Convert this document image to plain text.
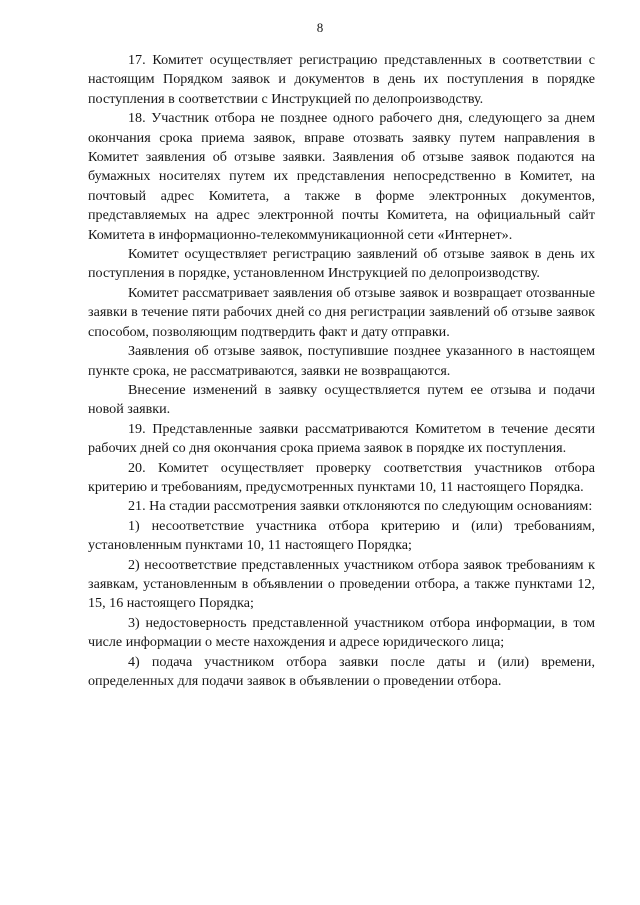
8

17. Комитет осуществляет регистрацию представленных в соответствии с настоящим Порядком заявок и документов в день их поступления в порядке поступления в соответствии с Инструкцией по делопроизводству.

18. Участник отбора не позднее одного рабочего дня, следующего за днем окончания срока приема заявок, вправе отозвать заявку путем направления в Комитет заявления об отзыве заявки. Заявления об отзыве заявок подаются на бумажных носителях путем их представления непосредственно в Комитет, на почтовый адрес Комитета, а также в форме электронных документов, представляемых на адрес электронной почты Комитета, на официальный сайт Комитета в информационно-телекоммуникационной сети «Интернет».

Комитет осуществляет регистрацию заявлений об отзыве заявок в день их поступления в порядке, установленном Инструкцией по делопроизводству.

Комитет рассматривает заявления об отзыве заявок и возвращает отозванные заявки в течение пяти рабочих дней со дня регистрации заявлений об отзыве заявок способом, позволяющим подтвердить факт и дату отправки.

Заявления об отзыве заявок, поступившие позднее указанного в настоящем пункте срока, не рассматриваются, заявки не возвращаются.

Внесение изменений в заявку осуществляется путем ее отзыва и подачи новой заявки.

19. Представленные заявки рассматриваются Комитетом в течение десяти рабочих дней со дня окончания срока приема заявок в порядке их поступления.

20. Комитет осуществляет проверку соответствия участников отбора критерию и требованиям, предусмотренных пунктами 10, 11 настоящего Порядка.

21. На стадии рассмотрения заявки отклоняются по следующим основаниям:

1) несоответствие участника отбора критерию и (или) требованиям, установленным пунктами 10, 11 настоящего Порядка;

2) несоответствие представленных участником отбора заявок требованиям к заявкам, установленным в объявлении о проведении отбора, а также пунктами 12, 15, 16 настоящего Порядка;

3) недостоверность представленной участником отбора информации, в том числе информации о месте нахождения и адресе юридического лица;

4) подача участником отбора заявки после даты и (или) времени, определенных для подачи заявок в объявлении о проведении отбора.
